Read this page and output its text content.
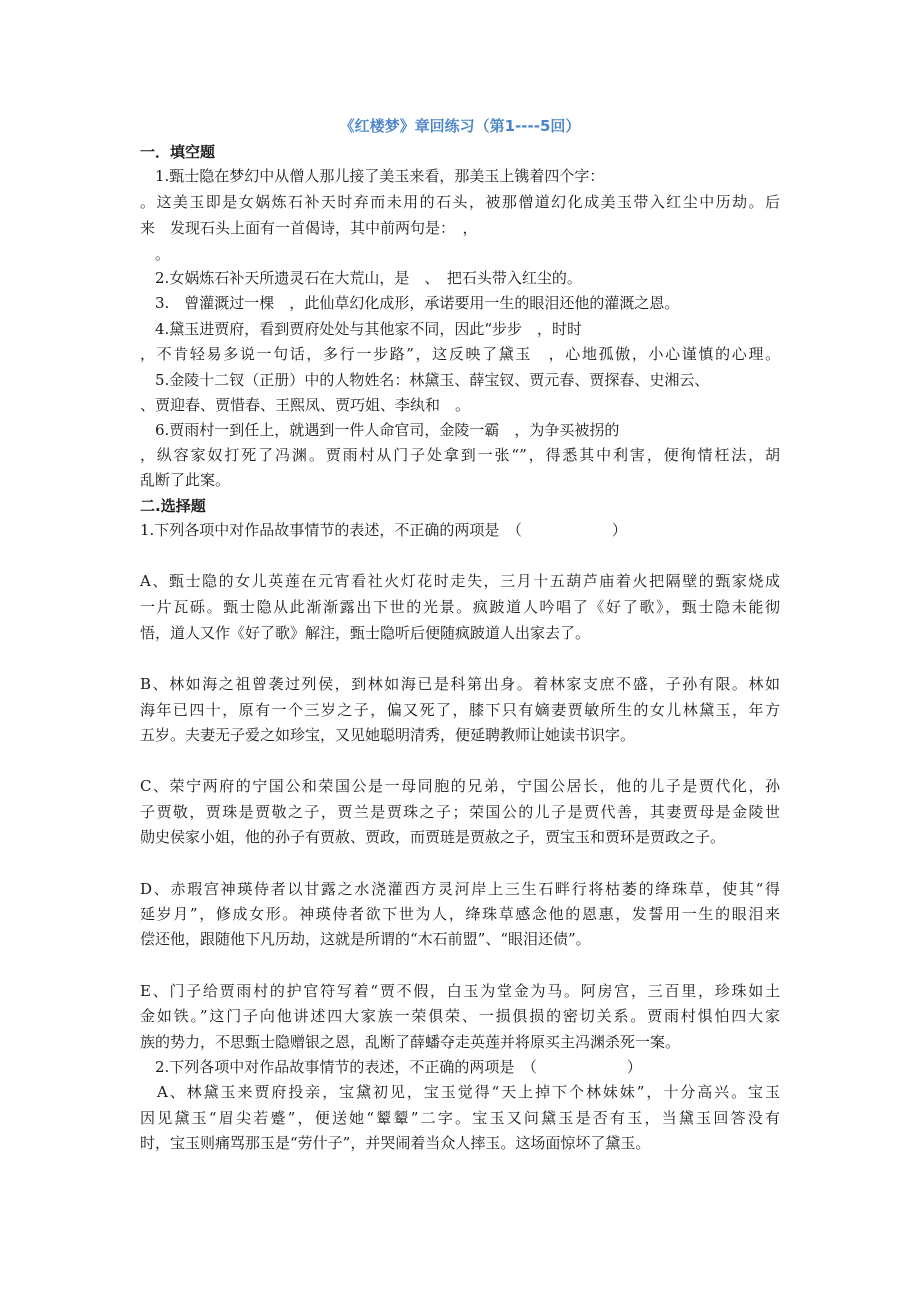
《红楼梦》章回练习（第1----5回）
一．填空题
　1.甄士隐在梦幻中从僧人那儿接了美玉来看，那美玉上镌着四个字：
。这美玉即是女娲炼石补天时弃而未用的石头，被那僧道幻化成美玉带入红尘中历劫。后
来　发现石头上面有一首偈诗，其中前两句是：　，
　。
　2.女娲炼石补天所遗灵石在大荒山，是　、　把石头带入红尘的。
　3.　曾灌溉过一棵　，此仙草幻化成形，承诺要用一生的眼泪还他的灌溉之恩。
　4.黛玉进贾府，看到贾府处处与其他家不同，因此“步步　，时时
，不肯轻易多说一句话，多行一步路”，这反映了黛玉　，心地孤傲，小心谨慎的心理。
　5.金陵十二钗（正册）中的人物姓名：林黛玉、薛宝钗、贾元春、贾探春、史湘云、
、贾迎春、贾惜春、王熙凤、贾巧姐、李纨和　。
　6.贾雨村一到任上，就遇到一件人命官司，金陵一霸　，为争买被拐的
，纵容家奴打死了冯渊。贾雨村从门子处拿到一张“”，得悉其中利害，便徇情枉法，胡
乱断了此案。
二.选择题
1.下列各项中对作品故事情节的表述，不正确的两项是　（　　　　　　）
A、甄士隐的女儿英莲在元宵看社火灯花时走失，三月十五葫芦庙着火把隔壁的甄家烧成
一片瓦砾。甄士隐从此渐渐露出下世的光景。疯跛道人吟唱了《好了歌》，甄士隐未能彻
悟，道人又作《好了歌》解注，甄士隐听后便随疯跛道人出家去了。
B、林如海之祖曾袭过列侯，到林如海已是科第出身。着林家支庶不盛，子孙有限。林如
海年已四十，原有一个三岁之子，偏又死了，膝下只有嫡妻贾敏所生的女儿林黛玉，年方
五岁。夫妻无子爱之如珍宝，又见她聪明清秀，便延聘教师让她读书识字。
C、荣宁两府的宁国公和荣国公是一母同胞的兄弟，宁国公居长，他的儿子是贾代化，孙
子贾敬，贾珠是贾敬之子，贾兰是贾珠之子；荣国公的儿子是贾代善，其妻贾母是金陵世
勋史侯家小姐，他的孙子有贾赦、贾政，而贾琏是贾赦之子，贾宝玉和贾环是贾政之子。
D、赤瑕宫神瑛侍者以甘露之水浇灌西方灵河岸上三生石畔行将枯萎的绛珠草，使其“得
延岁月”，修成女形。神瑛侍者欲下世为人，绛珠草感念他的恩惠，发誓用一生的眼泪来
偿还他，跟随他下凡历劫，这就是所谓的“木石前盟”、“眼泪还债”。
E、门子给贾雨村的护官符写着“贾不假，白玉为堂金为马。阿房宫，三百里，珍珠如土
金如铁。”这门子向他讲述四大家族一荣俱荣、一损俱损的密切关系。贾雨村惧怕四大家
族的势力，不思甄士隐赠银之恩，乱断了薛蟠夺走英莲并将原买主冯渊杀死一案。
　2.下列各项中对作品故事情节的表述，不正确的两项是　（　　　　　　）
　A、林黛玉来贾府投亲，宝黛初见，宝玉觉得“天上掉下个林妹妹”，十分高兴。宝玉
因见黛玉“眉尖若蹙”，便送她“颦颦”二字。宝玉又问黛玉是否有玉，当黛玉回答没有
时，宝玉则痛骂那玉是“劳什子”，并哭闹着当众人摔玉。这场面惊坏了黛玉。
